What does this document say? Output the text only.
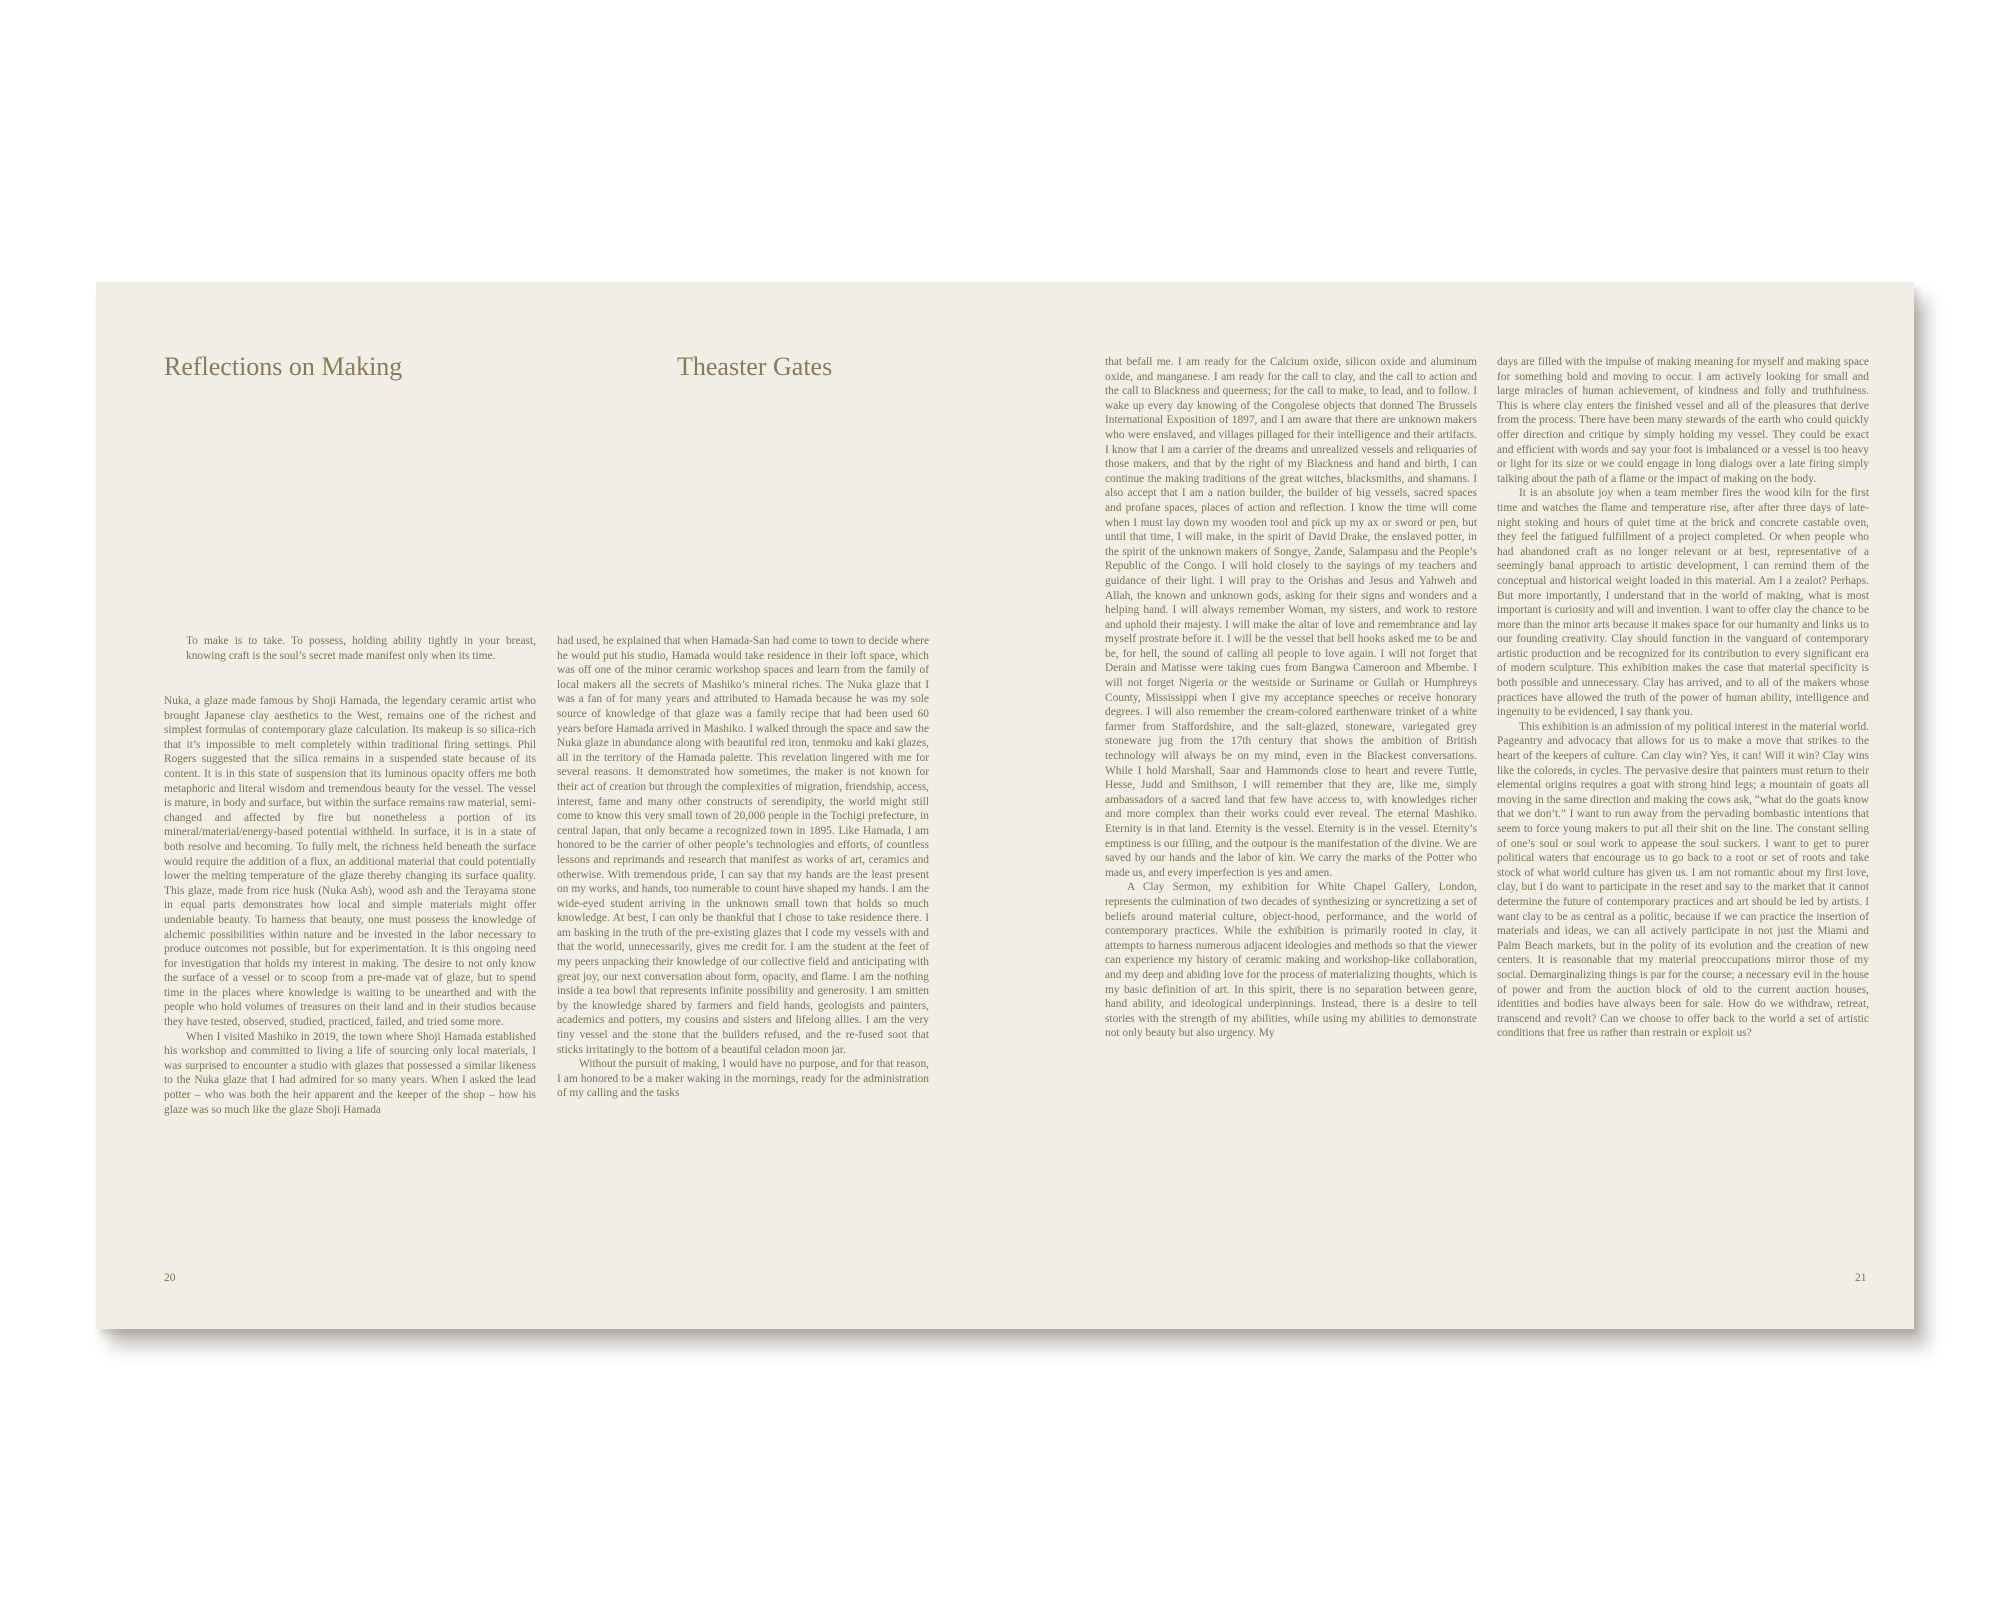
Reflections on Making	Theaster Gates

To make is to take. To possess, holding ability tightly in your breast, knowing craft is the soul’s secret made manifest only when its time.

Nuka, a glaze made famous by Shoji Hamada, the legendary ceramic artist who brought Japanese clay aesthetics to the West, remains one of the richest and simplest formulas of contemporary glaze calculation. Its makeup is so silica-rich that it’s impossible to melt completely within traditional firing settings. Phil Rogers suggested that the silica remains in a suspended state because of its content. It is in this state of suspension that its luminous opacity offers me both metaphoric and literal wisdom and tremendous beauty for the vessel. The vessel is mature, in body and surface, but within the surface remains raw material, semi-changed and affected by fire but nonetheless a portion of its mineral/material/energy-based potential withheld. In surface, it is in a state of both resolve and becoming. To fully melt, the richness held beneath the surface would require the addition of a flux, an additional material that could potentially lower the melting temperature of the glaze thereby changing its surface quality. This glaze, made from rice husk (Nuka Ash), wood ash and the Terayama stone in equal parts demonstrates how local and simple materials might offer undeniable beauty. To harness that beauty, one must possess the knowledge of alchemic possibilities within nature and be invested in the labor necessary to produce outcomes not possible, but for experimentation. It is this ongoing need for investigation that holds my interest in making. The desire to not only know the surface of a vessel or to scoop from a pre-made vat of glaze, but to spend time in the places where knowledge is waiting to be unearthed and with the people who hold volumes of treasures on their land and in their studios because they have tested, observed, studied, practiced, failed, and tried some more.

When I visited Mashiko in 2019, the town where Shoji Hamada established his workshop and committed to living a life of sourcing only local materials, I was surprised to encounter a studio with glazes that possessed a similar likeness to the Nuka glaze that I had admired for so many years. When I asked the lead potter – who was both the heir apparent and the keeper of the shop – how his glaze was so much like the glaze Shoji Hamada

had used, he explained that when Hamada-San had come to town to decide where he would put his studio, Hamada would take residence in their loft space, which was off one of the minor ceramic workshop spaces and learn from the family of local makers all the secrets of Mashiko’s mineral riches. The Nuka glaze that I was a fan of for many years and attributed to Hamada because he was my sole source of knowledge of that glaze was a family recipe that had been used 60 years before Hamada arrived in Mashiko. I walked through the space and saw the Nuka glaze in abundance along with beautiful red iron, tenmoku and kaki glazes, all in the territory of the Hamada palette. This revelation lingered with me for several reasons. It demonstrated how sometimes, the maker is not known for their act of creation but through the complexities of migration, friendship, access, interest, fame and many other constructs of serendipity, the world might still come to know this very small town of 20,000 people in the Tochigi prefecture, in central Japan, that only became a recognized town in 1895. Like Hamada, I am honored to be the carrier of other people’s technologies and efforts, of countless lessons and reprimands and research that manifest as works of art, ceramics and otherwise. With tremendous pride, I can say that my hands are the least present on my works, and hands, too numerable to count have shaped my hands. I am the wide-eyed student arriving in the unknown small town that holds so much knowledge. At best, I can only be thankful that I chose to take residence there. I am basking in the truth of the pre-existing glazes that I code my vessels with and that the world, unnecessarily, gives me credit for. I am the student at the feet of my peers unpacking their knowledge of our collective field and anticipating with great joy, our next conversation about form, opacity, and flame. I am the nothing inside a tea bowl that represents infinite possibility and generosity. I am smitten by the knowledge shared by farmers and field hands, geologists and painters, academics and potters, my cousins and sisters and lifelong allies. I am the very tiny vessel and the stone that the builders refused, and the re-fused soot that sticks irritatingly to the bottom of a beautiful celadon moon jar.

Without the pursuit of making, I would have no purpose, and for that reason, I am honored to be a maker waking in the mornings, ready for the administration of my calling and the tasks

20

that befall me. I am ready for the Calcium oxide, silicon oxide and aluminum oxide, and manganese. I am ready for the call to clay, and the call to action and the call to Blackness and queerness; for the call to make, to lead, and to follow. I wake up every day knowing of the Congolese objects that donned The Brussels International Exposition of 1897, and I am aware that there are unknown makers who were enslaved, and villages pillaged for their intelligence and their artifacts. I know that I am a carrier of the dreams and unrealized vessels and reliquaries of those makers, and that by the right of my Blackness and hand and birth, I can continue the making traditions of the great witches, blacksmiths, and shamans. I also accept that I am a nation builder, the builder of big vessels, sacred spaces and profane spaces, places of action and reflection. I know the time will come when I must lay down my wooden tool and pick up my ax or sword or pen, but until that time, I will make, in the spirit of David Drake, the enslaved potter, in the spirit of the unknown makers of Songye, Zande, Salampasu and the People’s Republic of the Congo. I will hold closely to the sayings of my teachers and guidance of their light. I will pray to the Orishas and Jesus and Yahweh and Allah, the known and unknown gods, asking for their signs and wonders and a helping hand. I will always remember Woman, my sisters, and work to restore and uphold their majesty. I will make the altar of love and remembrance and lay myself prostrate before it. I will be the vessel that bell hooks asked me to be and be, for hell, the sound of calling all people to love again. I will not forget that Derain and Matisse were taking cues from Bangwa Cameroon and Mbembe. I will not forget Nigeria or the westside or Suriname or Gullah or Humphreys County, Mississippi when I give my acceptance speeches or receive honorary degrees. I will also remember the cream-colored earthenware trinket of a white farmer from Staffordshire, and the salt-glazed, stoneware, variegated grey stoneware jug from the 17th century that shows the ambition of British technology will always be on my mind, even in the Blackest conversations. While I hold Marshall, Saar and Hammonds close to heart and revere Tuttle, Hesse, Judd and Smithson, I will remember that they are, like me, simply ambassadors of a sacred land that few have access to, with knowledges richer and more complex than their works could ever reveal. The eternal Mashiko. Eternity is in that land. Eternity is the vessel. Eternity is in the vessel. Eternity’s emptiness is our filling, and the outpour is the manifestation of the divine. We are saved by our hands and the labor of kin. We carry the marks of the Potter who made us, and every imperfection is yes and amen.

A Clay Sermon, my exhibition for White Chapel Gallery, London, represents the culmination of two decades of synthesizing or syncretizing a set of beliefs around material culture, object-hood, performance, and the world of contemporary practices. While the exhibition is primarily rooted in clay, it attempts to harness numerous adjacent ideologies and methods so that the viewer can experience my history of ceramic making and workshop-like collaboration, and my deep and abiding love for the process of materializing thoughts, which is my basic definition of art. In this spirit, there is no separation between genre, hand ability, and ideological underpinnings. Instead, there is a desire to tell stories with the strength of my abilities, while using my abilities to demonstrate not only beauty but also urgency. My

days are filled with the impulse of making meaning for myself and making space for something bold and moving to occur. I am actively looking for small and large miracles of human achievement, of kindness and folly and truthfulness. This is where clay enters the finished vessel and all of the pleasures that derive from the process. There have been many stewards of the earth who could quickly offer direction and critique by simply holding my vessel. They could be exact and efficient with words and say your foot is imbalanced or a vessel is too heavy or light for its size or we could engage in long dialogs over a late firing simply talking about the path of a flame or the impact of making on the body.

It is an absolute joy when a team member fires the wood kiln for the first time and watches the flame and temperature rise, after after three days of late-night stoking and hours of quiet time at the brick and concrete castable oven, they feel the fatigued fulfillment of a project completed. Or when people who had abandoned craft as no longer relevant or at best, representative of a seemingly banal approach to artistic development, I can remind them of the conceptual and historical weight loaded in this material. Am I a zealot? Perhaps. But more importantly, I understand that in the world of making, what is most important is curiosity and will and invention. I want to offer clay the chance to be more than the minor arts because it makes space for our humanity and links us to our founding creativity. Clay should function in the vanguard of contemporary artistic production and be recognized for its contribution to every significant era of modern sculpture. This exhibition makes the case that material specificity is both possible and unnecessary. Clay has arrived, and to all of the makers whose practices have allowed the truth of the power of human ability, intelligence and ingenuity to be evidenced, I say thank you.

This exhibition is an admission of my political interest in the material world. Pageantry and advocacy that allows for us to make a move that strikes to the heart of the keepers of culture. Can clay win? Yes, it can! Will it win? Clay wins like the coloreds, in cycles. The pervasive desire that painters must return to their elemental origins requires a goat with strong hind legs; a mountain of goats all moving in the same direction and making the cows ask, “what do the goats know that we don’t.” I want to run away from the pervading bombastic intentions that seem to force young makers to put all their shit on the line. The constant selling of one’s soul or soul work to appease the soul suckers. I want to get to purer political waters that encourage us to go back to a root or set of roots and take stock of what world culture has given us. I am not romantic about my first love, clay, but I do want to participate in the reset and say to the market that it cannot determine the future of contemporary practices and art should be led by artists. I want clay to be as central as a politic, because if we can practice the insertion of materials and ideas, we can all actively participate in not just the Miami and Palm Beach markets, but in the polity of its evolution and the creation of new centers. It is reasonable that my material preoccupations mirror those of my social. Demarginalizing things is par for the course; a necessary evil in the house of power and from the auction block of old to the current auction houses, identities and bodies have always been for sale. How do we withdraw, retreat, transcend and revolt? Can we choose to offer back to the world a set of artistic conditions that free us rather than restrain or exploit us?

21
